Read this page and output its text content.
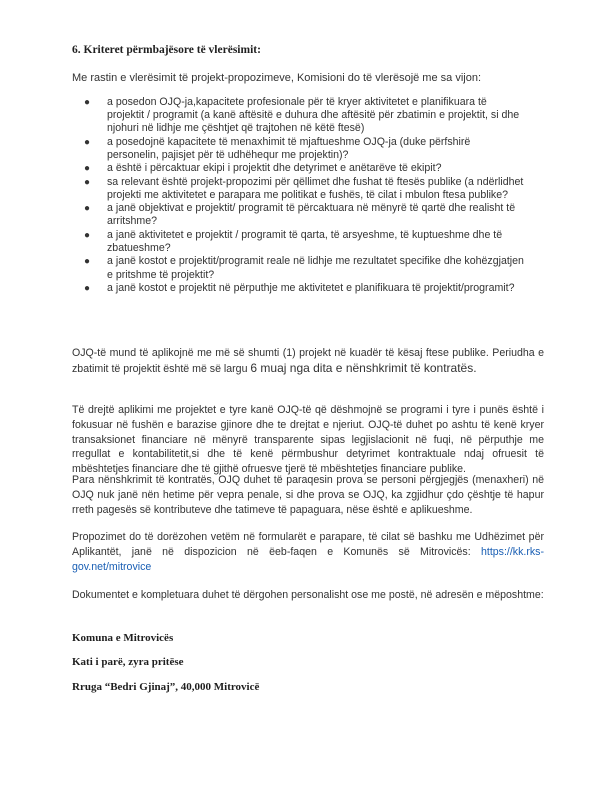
6. Kriteret përmbajësore të vlerësimit:
Me rastin e vlerësimit të projekt-propozimeve, Komisioni do të vlerësojë me sa vijon:
● a posedon OJQ-ja,kapacitete profesionale për të kryer aktivitetet e planifikuara të projektit / programit (a kanë aftësitë e duhura dhe aftësitë për zbatimin e projektit, si dhe njohuri në lidhje me çështjet që trajtohen në këtë ftesë)
● a posedojnë kapacitete të menaxhimit të mjaftueshme OJQ-ja (duke përfshirë personelin, pajisjet për të udhëhequr me projektin)?
● a është i përcaktuar ekipi i projektit dhe detyrimet e anëtarëve të ekipit?
● sa relevant është projekt-propozimi për qëllimet dhe fushat të ftesës publike (a ndërlidhet projekti me aktivitetet e parapara me politikat e fushës, të cilat i mbulon ftesa publike?
● a janë objektivat e projektit/ programit të përcaktuara në mënyrë të qartë dhe realisht të arritshme?
● a janë aktivitetet e projektit / programit të qarta, të arsyeshme, të kuptueshme dhe të zbatueshme?
● a janë kostot e projektit/programit reale në lidhje me rezultatet specifike dhe kohëzgjatjen e pritshme të projektit?
● a janë kostot e projektit në përputhje me aktivitetet e planifikuara të projektit/programit?
OJQ-të mund të aplikojnë me më së shumti (1) projekt në kuadër të kësaj ftese publike. Periudha e zbatimit të projektit është më së largu 6 muaj nga dita e nënshkrimit të kontratës.
Të drejtë aplikimi me projektet e tyre kanë OJQ-të që dëshmojnë se programi i tyre i punës është i fokusuar në fushën e barazise gjinore dhe te drejtat e njeriut. OJQ-të duhet po ashtu të kenë kryer transaksionet financiare në mënyrë transparente sipas legjislacionit në fuqi, në përputhje me rregullat e kontabilitetit,si dhe të kenë përmbushur detyrimet kontraktuale ndaj ofruesit të mbështetjes financiare dhe të gjithë ofruesve tjerë të mbështetjes financiare publike.
Para nënshkrimit të kontratës, OJQ duhet të paraqesin prova se personi përgjegjës (menaxheri) në OJQ nuk janë nën hetime për vepra penale, si dhe prova se OJQ, ka zgjidhur çdo çështje të hapur rreth pagesës së kontributeve dhe tatimeve të papaguara, nëse është e aplikueshme.
Propozimet do të dorëzohen vetëm në formularët e parapare, të cilat së bashku me Udhëzimet për Aplikantët, janë në dispozicion në ëeb-faqen e Komunës së Mitrovicës: https://kk.rks-gov.net/mitrovice
Dokumentet e kompletuara duhet të dërgohen personalisht ose me postë, në adresën e mëposhtme:
Komuna e Mitrovicës
Kati i parë, zyra pritëse
Rruga “Bedri Gjinaj”, 40,000 Mitrovicë
